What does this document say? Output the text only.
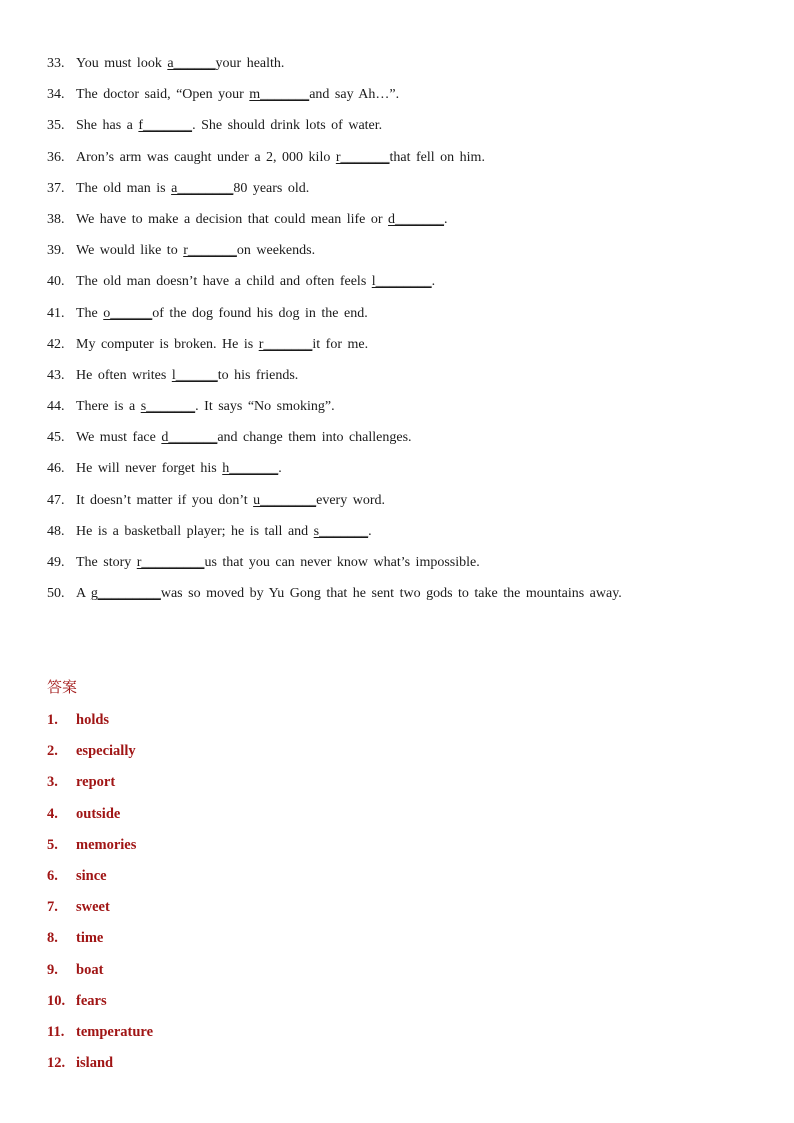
33. You must look a______your health.
34. The doctor said, “Open your m_______and say Ah…”.
35. She has a f_______. She should drink lots of water.
36. Aron’s arm was caught under a 2, 000 kilo r_______that fell on him.
37. The old man is a________80 years old.
38. We have to make a decision that could mean life or d_______.
39. We would like to r_______on weekends.
40. The old man doesn’t have a child and often feels l________.
41. The o______of the dog found his dog in the end.
42. My computer is broken. He is r_______it for me.
43. He often writes l______to his friends.
44. There is a s_______. It says “No smoking”.
45. We must face d_______and change them into challenges.
46. He will never forget his h_______.
47. It doesn’t matter if you don’t u________every word.
48. He is a basketball player; he is tall and s_______.
49. The story r_________us that you can never know what’s impossible.
50. A g_________was so moved by Yu Gong that he sent two gods to take the mountains away.
答案
1.	holds
2.	especially
3.	report
4.	outside
5.	memories
6.	since
7.	sweet
8.	time
9.	boat
10. fears
11. temperature
12. island
